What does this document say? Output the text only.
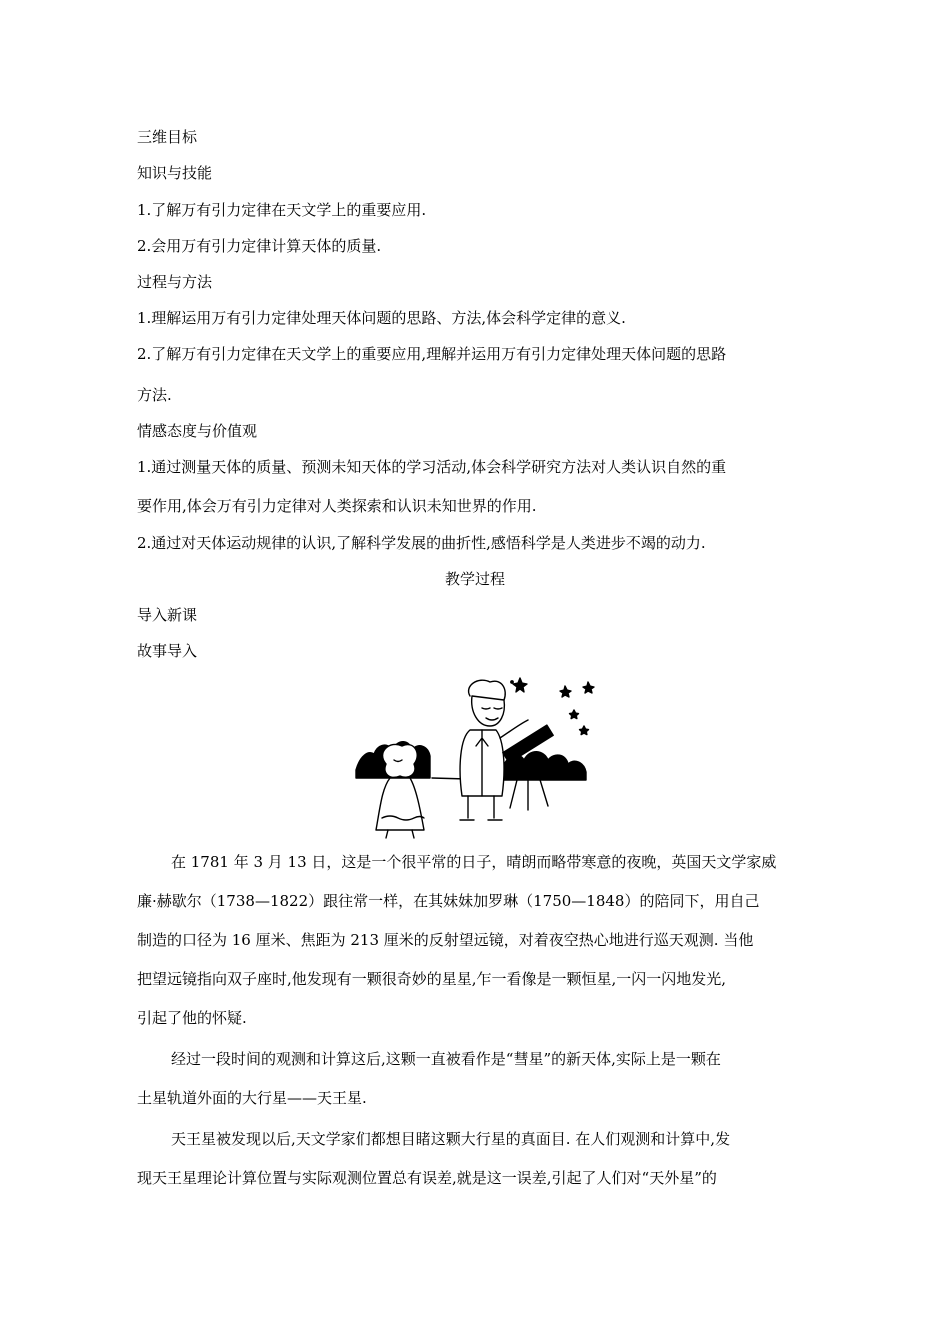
三维目标
知识与技能
1.了解万有引力定律在天文学上的重要应用.
2.会用万有引力定律计算天体的质量.
过程与方法
1.理解运用万有引力定律处理天体问题的思路、方法,体会科学定律的意义.
2.了解万有引力定律在天文学上的重要应用,理解并运用万有引力定律处理天体问题的思路
方法.
情感态度与价值观
1.通过测量天体的质量、预测未知天体的学习活动,体会科学研究方法对人类认识自然的重
要作用,体会万有引力定律对人类探索和认识未知世界的作用.
2.通过对天体运动规律的认识,了解科学发展的曲折性,感悟科学是人类进步不竭的动力.
教学过程
导入新课
故事导入
在 1781 年 3 月 13 日，这是一个很平常的日子，晴朗而略带寒意的夜晚，英国天文学家威
廉·赫歇尔（1738—1822）跟往常一样，在其妹妹加罗琳（1750—1848）的陪同下，用自己
制造的口径为 16 厘米、焦距为 213 厘米的反射望远镜，对着夜空热心地进行巡天观测. 当他
把望远镜指向双子座时,他发现有一颗很奇妙的星星,乍一看像是一颗恒星,一闪一闪地发光,
引起了他的怀疑.
经过一段时间的观测和计算这后,这颗一直被看作是“彗星”的新天体,实际上是一颗在
土星轨道外面的大行星——天王星.
天王星被发现以后,天文学家们都想目睹这颗大行星的真面目. 在人们观测和计算中,发
现天王星理论计算位置与实际观测位置总有误差,就是这一误差,引起了人们对“天外星”的
